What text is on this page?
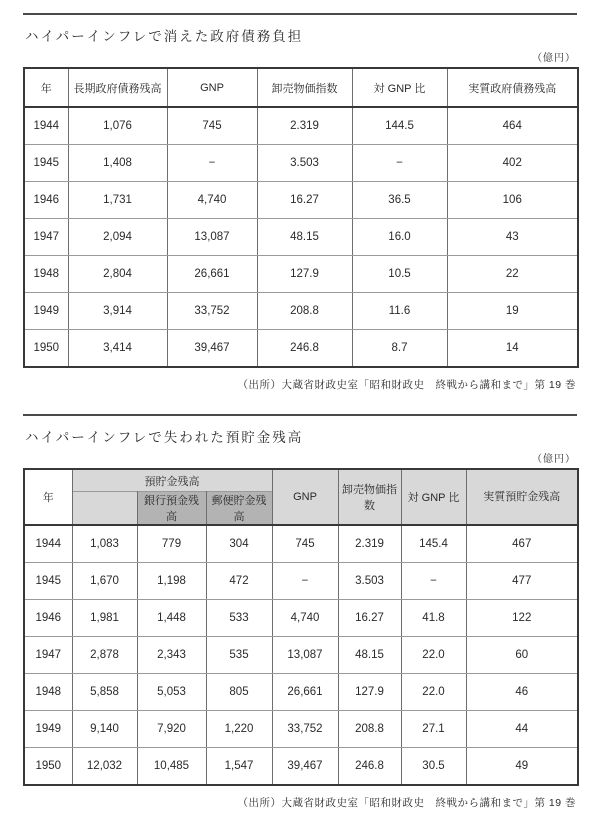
ハイパーインフレで消えた政府債務負担
（億円）
年	長期政府債務残高	GNP	卸売物価指数	対 GNP 比	実質政府債務残高
1944	1,076	745	2.319	144.5	464
1945	1,408	−	3.503	−	402
1946	1,731	4,740	16.27	36.5	106
1947	2,094	13,087	48.15	16.0	43
1948	2,804	26,661	127.9	10.5	22
1949	3,914	33,752	208.8	11.6	19
1950	3,414	39,467	246.8	8.7	14
（出所）大蔵省財政史室「昭和財政史　終戦から講和まで」第 19 巻
ハイパーインフレで失われた預貯金残高
（億円）
年	預貯金残高			GNP	卸売物価指数	対 GNP 比	実質預貯金残高
		銀行預金残高	郵便貯金残高				
1944	1,083	779	304	745	2.319	145.4	467
1945	1,670	1,198	472	−	3.503	−	477
1946	1,981	1,448	533	4,740	16.27	41.8	122
1947	2,878	2,343	535	13,087	48.15	22.0	60
1948	5,858	5,053	805	26,661	127.9	22.0	46
1949	9,140	7,920	1,220	33,752	208.8	27.1	44
1950	12,032	10,485	1,547	39,467	246.8	30.5	49
（出所）大蔵省財政史室「昭和財政史　終戦から講和まで」第 19 巻
